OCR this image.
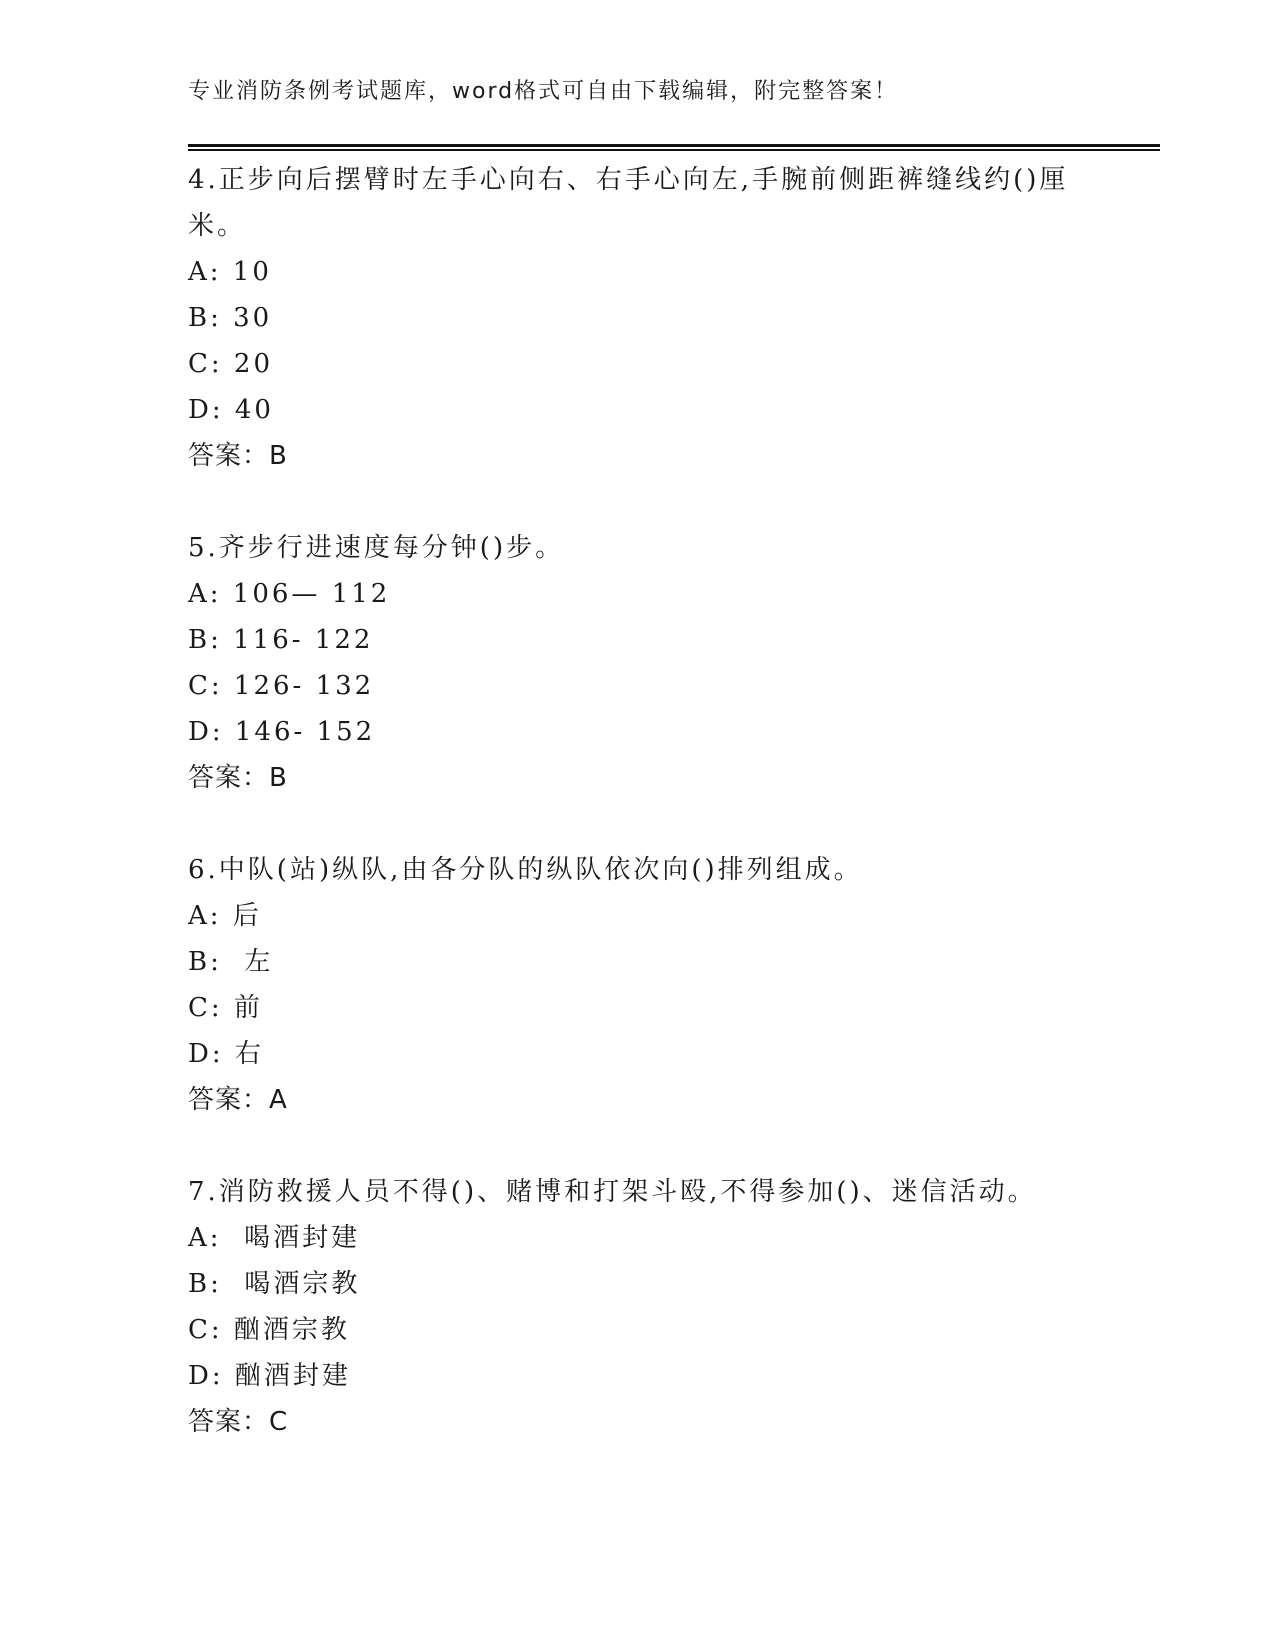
专业消防条例考试题库，word格式可自由下载编辑，附完整答案！

4.正步向后摆臂时左手心向右、右手心向左,手腕前侧距裤缝线约()厘米。

A: 10
B: 30
C: 20
D: 40
答案：B

5.齐步行进速度每分钟()步。

A: 106— 112
B: 116- 122
C: 126- 132
D: 146- 152
答案：B

6.中队(站)纵队,由各分队的纵队依次向()排列组成。

A: 后
B:  左
C: 前
D: 右
答案：A

7.消防救援人员不得()、赌博和打架斗殴,不得参加()、迷信活动。

A:  喝酒封建
B:  喝酒宗教
C: 酗酒宗教
D: 酗酒封建
答案：C
